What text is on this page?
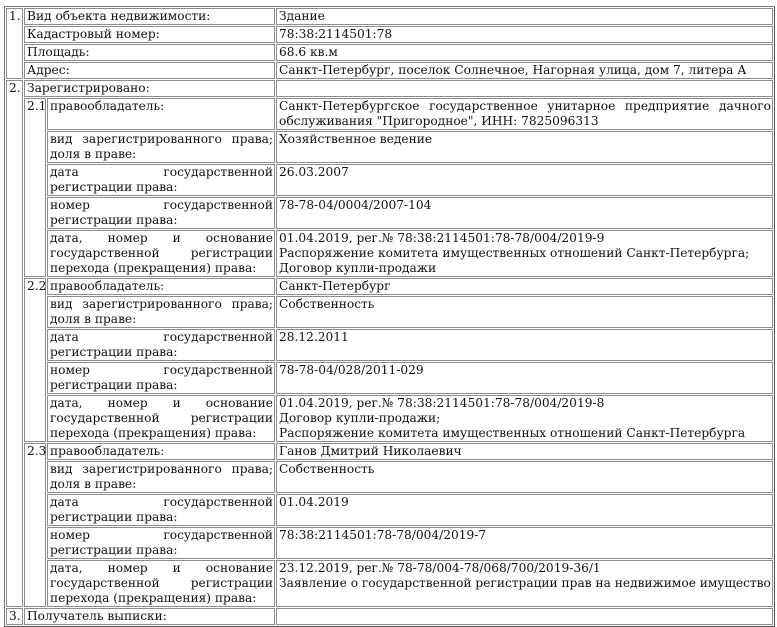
1.	Вид объекта недвижимости:		Здание
	Кадастровый номер:		78:38:2114501:78
	Площадь:		68.6 кв.м
	Адрес:		Санкт-Петербург, поселок Солнечное, Нагорная улица, дом 7, литера А
2.	Зарегистрировано:		
	2.1	правообладатель:	Санкт-Петербургское государственное унитарное предприятие дачного обслуживания "Пригородное", ИНН: 7825096313
		вид зарегистрированного права; доля в праве:	Хозяйственное ведение
		дата государственной регистрации права:	26.03.2007
		номер государственной регистрации права:	78-78-04/0004/2007-104
		дата, номер и основание государственной регистрации перехода (прекращения) права:	01.04.2019, рег.№ 78:38:2114501:78-78/004/2019-9
Распоряжение комитета имущественных отношений Санкт-Петербурга;
Договор купли-продажи

	2.2	правообладатель:	Санкт-Петербург
		вид зарегистрированного права; доля в праве:	Собственность
		дата государственной регистрации права:	28.12.2011
		номер государственной регистрации права:	78-78-04/028/2011-029
		дата, номер и основание государственной регистрации перехода (прекращения) права:	01.04.2019, рег.№ 78:38:2114501:78-78/004/2019-8
Договор купли-продажи;
Распоряжение комитета имущественных отношений Санкт-Петербурга

	2.3	правообладатель:	Ганов Дмитрий Николаевич
		вид зарегистрированного права; доля в праве:	Собственность
		дата государственной регистрации права:	01.04.2019
		номер государственной регистрации права:	78:38:2114501:78-78/004/2019-7
		дата, номер и основание государственной регистрации перехода (прекращения) права:	23.12.2019, рег.№ 78-78/004-78/068/700/2019-36/1
Заявление о государственной регистрации прав на недвижимое имущество

3.	Получатель выписки:		
